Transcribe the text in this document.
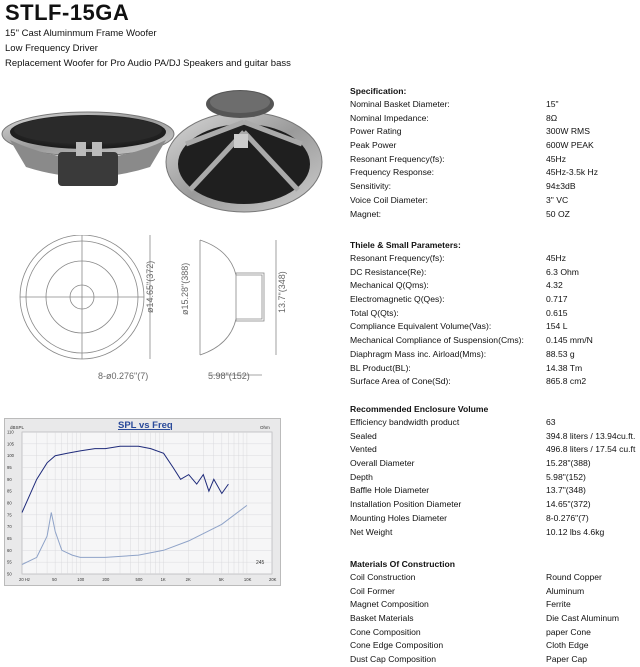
STLF-15GA
15" Cast Aluminmum Frame Woofer
Low Frequency Driver
Replacement Woofer for Pro Audio PA/DJ Speakers and guitar bass
ø14.65"(372)	ø15.28"(388)	13.7"(348)
5.98"(152)
8-ø0.276"(7)
SPL vs Freq
dBSPL	Ohm
110
105
100
95
90
85
80
75
70
65
60
55
50
20 Hz	50	100	200	500	1K	2K	5K	10K	20K
245
Specification:
Nominal Basket Diameter:	15"
Nominal Impedance:	8Ω
Power Rating	300W RMS
Peak Power	600W PEAK
Resonant Frequency(fs):	45Hz
Frequency Response:	45Hz-3.5k Hz
Sensitivity:	94±3dB
Voice Coil Diameter:	3" VC
Magnet:	50 OZ
Thiele & Small Parameters:
Resonant Frequency(fs):	45Hz
DC Resistance(Re):	6.3 Ohm
Mechanical Q(Qms):	4.32
Electromagnetic Q(Qes):	0.717
Total Q(Qts):	0.615
Compliance Equivalent Volume(Vas):	154 L
Mechanical Compliance of Suspension(Cms):	0.145 mm/N
Diaphragm Mass inc. Airload(Mms):	88.53 g
BL Product(BL):	14.38 Tm
Surface Area of Cone(Sd):	865.8 cm2
Recommended Enclosure Volume
Efficiency bandwidth product	63
Sealed	394.8 liters / 13.94cu.ft.
Vented	496.8 liters / 17.54 cu.ft
Overall Diameter	15.28"(388)
Depth	5.98"(152)
Baffle Hole Diameter	13.7"(348)
Installation Position Diameter	14.65"(372)
Mounting Holes Diameter	8-0.276"(7)
Net Weight	10.12 lbs 4.6kg
Materials Of Construction
Coil Construction	Round Copper
Coil Former	Aluminum
Magnet Composition	Ferrite
Basket Materials	Die Cast Aluminum
Cone Composition	paper Cone
Cone Edge Composition	Cloth Edge
Dust Cap Composition	Paper Cap
